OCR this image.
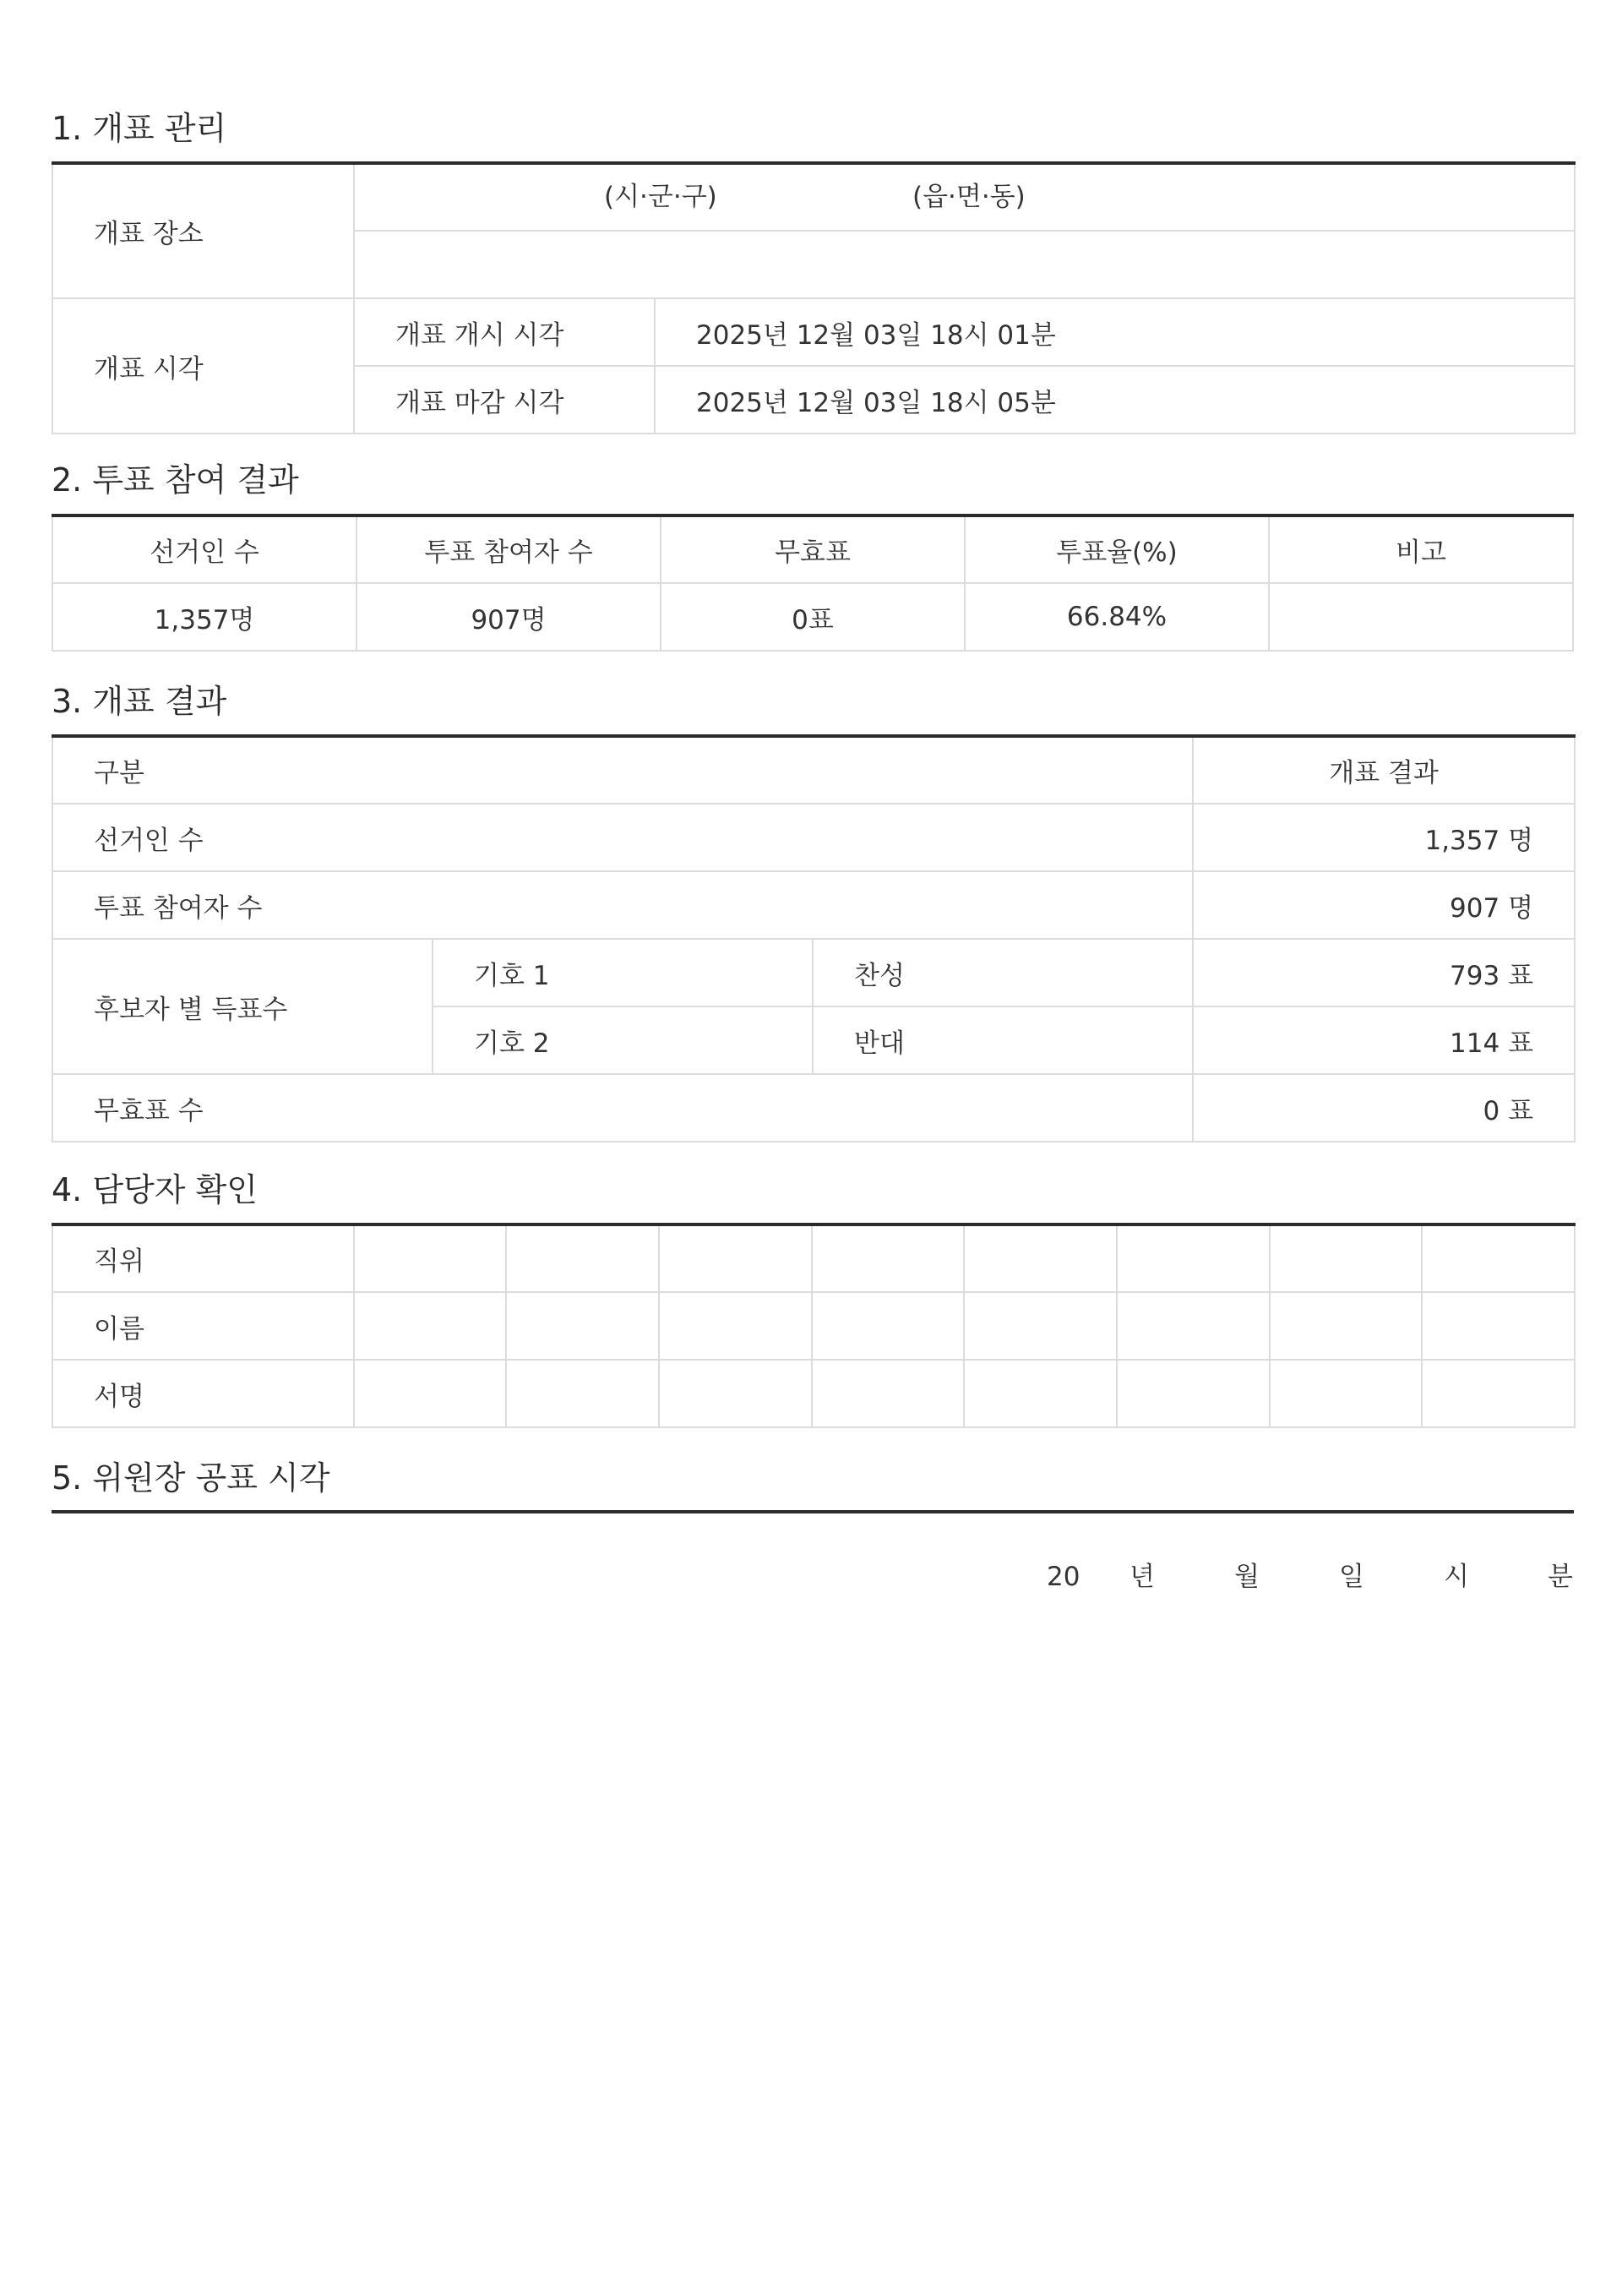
1. 개표 관리
개표 장소	(시·군·구) (읍·면·동)	

개표 시각	개표 개시 시각	2025년 12월 03일 18시 01분
	개표 마감 시각	2025년 12월 03일 18시 05분
2. 투표 참여 결과
선거인 수	투표 참여자 수	무효표	투표율(%)	비고
1,357명	907명	0표	66.84%	
3. 개표 결과
구분			개표 결과
선거인 수			1,357 명
투표 참여자 수			907 명
후보자 별 득표수	기호 1	찬성	793 표
	기호 2	반대	114 표
무효표 수			0 표
4. 담당자 확인
직위								
이름								
서명								
5. 위원장 공표 시각
20 년	월	일	시	분
